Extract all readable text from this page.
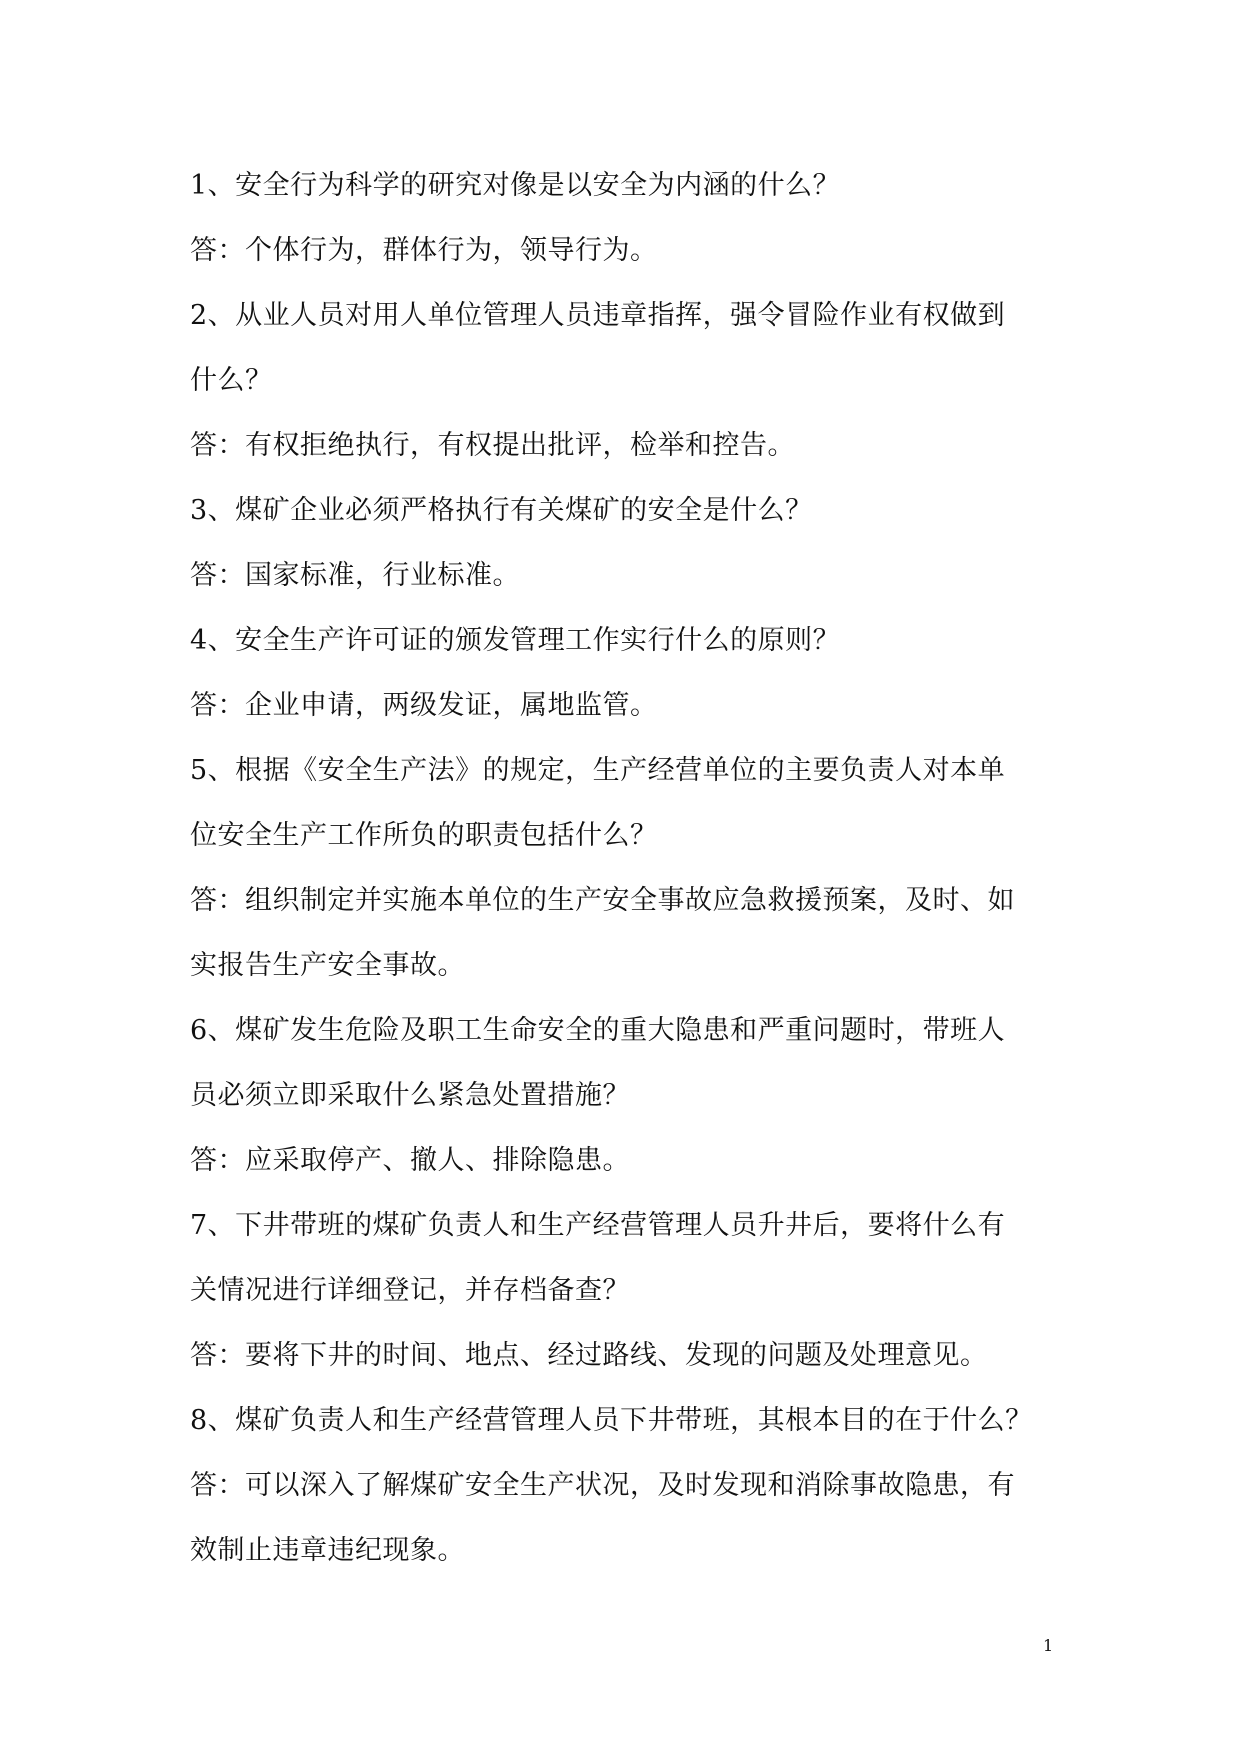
1、安全行为科学的研究对像是以安全为内涵的什么？
答：个体行为，群体行为，领导行为。
2、从业人员对用人单位管理人员违章指挥，强令冒险作业有权做到
什么？
答：有权拒绝执行，有权提出批评，检举和控告。
3、煤矿企业必须严格执行有关煤矿的安全是什么？
答：国家标准，行业标准。
4、安全生产许可证的颁发管理工作实行什么的原则？
答：企业申请，两级发证，属地监管。
5、根据《安全生产法》的规定，生产经营单位的主要负责人对本单
位安全生产工作所负的职责包括什么？
答：组织制定并实施本单位的生产安全事故应急救援预案，及时、如
实报告生产安全事故。
6、煤矿发生危险及职工生命安全的重大隐患和严重问题时，带班人
员必须立即采取什么紧急处置措施？
答：应采取停产、撤人、排除隐患。
7、下井带班的煤矿负责人和生产经营管理人员升井后，要将什么有
关情况进行详细登记，并存档备查？
答：要将下井的时间、地点、经过路线、发现的问题及处理意见。
8、煤矿负责人和生产经营管理人员下井带班，其根本目的在于什么？
答：可以深入了解煤矿安全生产状况，及时发现和消除事故隐患，有
效制止违章违纪现象。
1
